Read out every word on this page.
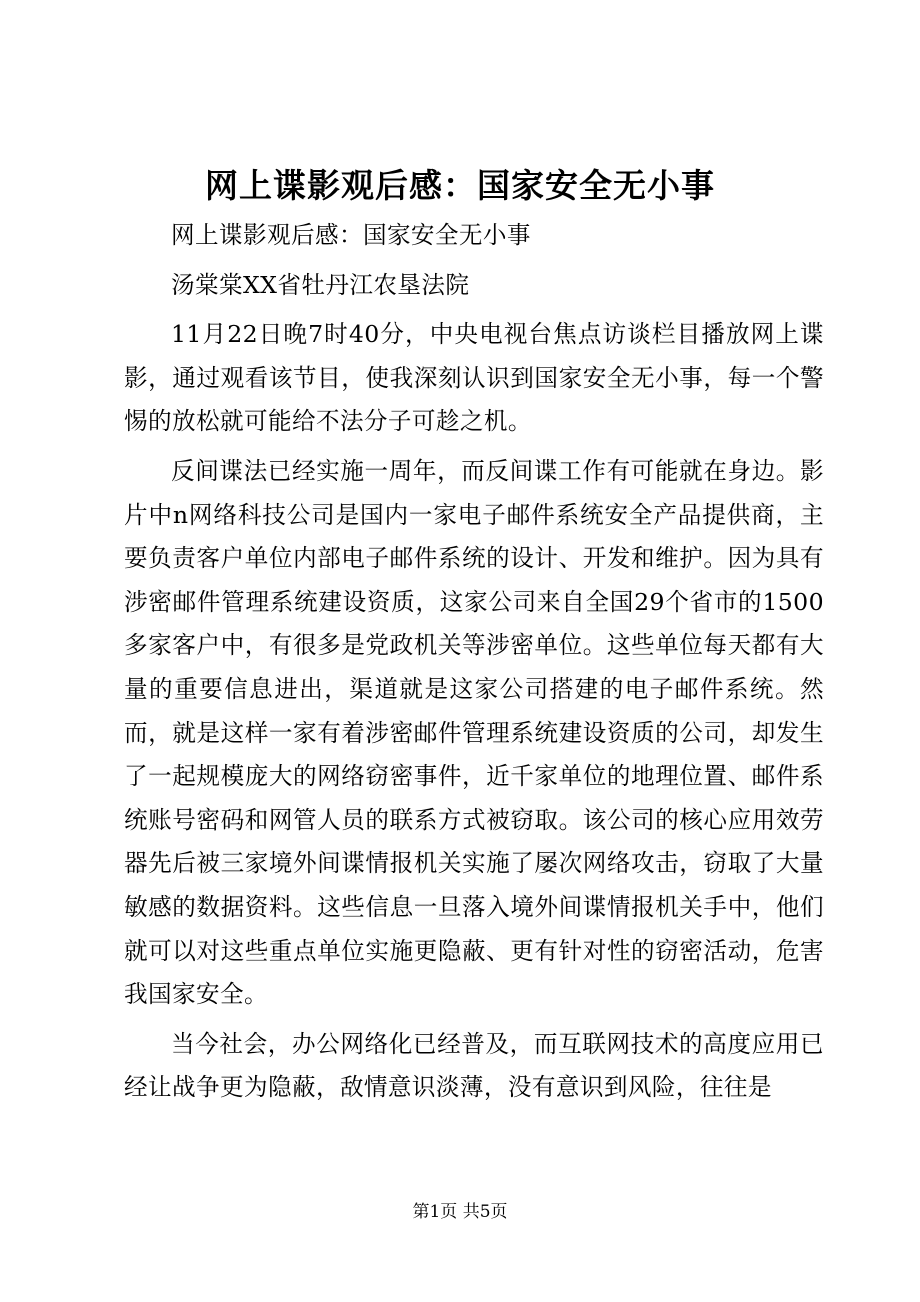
网上谍影观后感：国家安全无小事

网上谍影观后感：国家安全无小事

汤棠棠XX省牡丹江农垦法院

11月22日晚7时40分，中央电视台焦点访谈栏目播放网上谍影，通过观看该节目，使我深刻认识到国家安全无小事，每一个警惕的放松就可能给不法分子可趁之机。

反间谍法已经实施一周年，而反间谍工作有可能就在身边。影片中n网络科技公司是国内一家电子邮件系统安全产品提供商，主要负责客户单位内部电子邮件系统的设计、开发和维护。因为具有涉密邮件管理系统建设资质，这家公司来自全国29个省市的1500多家客户中，有很多是党政机关等涉密单位。这些单位每天都有大量的重要信息进出，渠道就是这家公司搭建的电子邮件系统。然而，就是这样一家有着涉密邮件管理系统建设资质的公司，却发生了一起规模庞大的网络窃密事件，近千家单位的地理位置、邮件系统账号密码和网管人员的联系方式被窃取。该公司的核心应用效劳器先后被三家境外间谍情报机关实施了屡次网络攻击，窃取了大量敏感的数据资料。这些信息一旦落入境外间谍情报机关手中，他们就可以对这些重点单位实施更隐蔽、更有针对性的窃密活动，危害我国家安全。

当今社会，办公网络化已经普及，而互联网技术的高度应用已经让战争更为隐蔽，敌情意识淡薄，没有意识到风险，往往是

第1页 共5页
